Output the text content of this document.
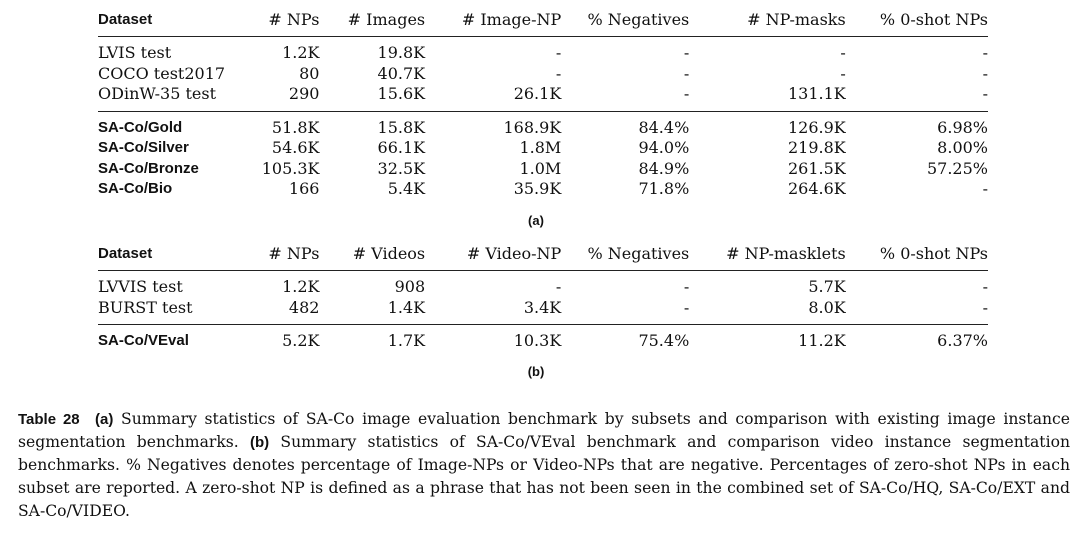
Dataset	# NPs	# Images	# Image-NP	% Negatives	# NP-masks	% 0-shot NPs
LVIS test	1.2K	19.8K	-	-	-	-
COCO test2017	80	40.7K	-	-	-	-
ODinW-35 test	290	15.6K	26.1K	-	131.1K	-
SA-Co/Gold	51.8K	15.8K	168.9K	84.4%	126.9K	6.98%
SA-Co/Silver	54.6K	66.1K	1.8M	94.0%	219.8K	8.00%
SA-Co/Bronze	105.3K	32.5K	1.0M	84.9%	261.5K	57.25%
SA-Co/Bio	166	5.4K	35.9K	71.8%	264.6K	-
(a)
Dataset	# NPs	# Videos	# Video-NP	% Negatives	# NP-masklets	% 0-shot NPs
LVVIS test	1.2K	908	-	-	5.7K	-
BURST test	482	1.4K	3.4K	-	8.0K	-
SA-Co/VEval	5.2K	1.7K	10.3K	75.4%	11.2K	6.37%
(b)
Table 28 (a) Summary statistics of SA-Co image evaluation benchmark by subsets and comparison with existing image instance segmentation benchmarks. (b) Summary statistics of SA-Co/VEval benchmark and comparison video instance segmentation benchmarks. % Negatives denotes percentage of Image-NPs or Video-NPs that are negative. Percentages of zero-shot NPs in each subset are reported. A zero-shot NP is defined as a phrase that has not been seen in the combined set of SA-Co/HQ, SA-Co/EXT and SA-Co/VIDEO.
